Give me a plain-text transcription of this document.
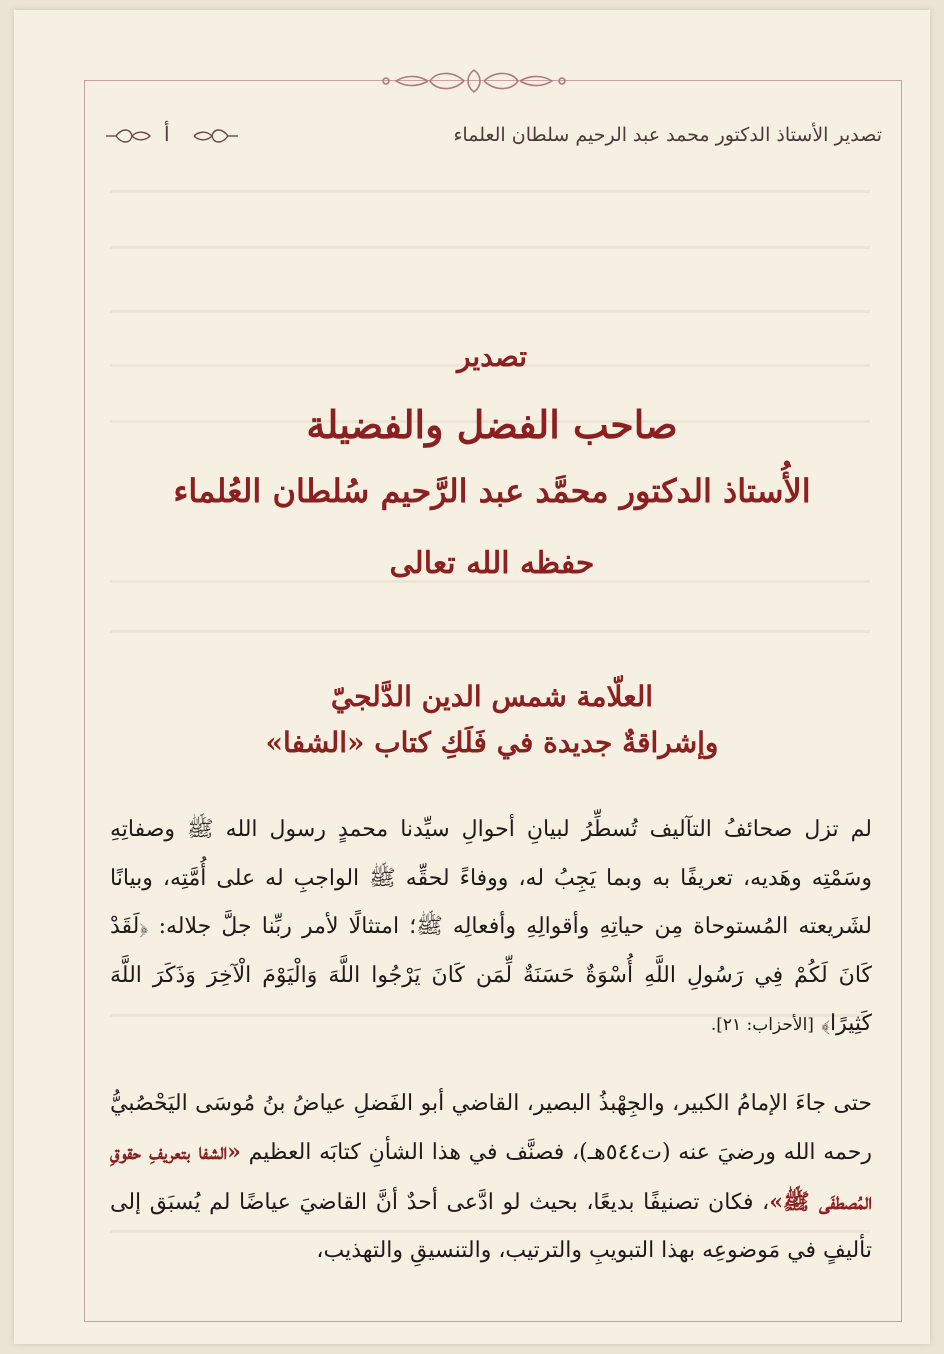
تصدير الأستاذ الدكتور محمد عبد الرحيم سلطان العلماء
أ
تصدير
صاحب الفضل والفضيلة
الأُستاذ الدكتور محمَّد عبد الرَّحيم سُلطان العُلماء
حفظه الله تعالى
العلّامة شمس الدين الدَّلجيّ
وإشراقةٌ جديدة في فَلَكِ كتاب «الشفا»

لم تزل صحائفُ التآليف تُسطِّرُ لبيانِ أحوالِ سيِّدنا محمدٍ رسول الله ﷺ وصفاتِهِ وسَمْتِه وهَديه، تعريفًا به وبما يَجِبُ له، ووفاءً لحقِّه ﷺ الواجبِ له على أُمَّتِه، وبيانًا لشَريعته المُستوحاة مِن حياتِهِ وأقوالِهِ وأفعالِه ﷺ؛ امتثالًا لأمر ربِّنا جلَّ جلاله: ﴿لَقَدْ كَانَ لَكُمْ فِي رَسُولِ اللَّهِ أُسْوَةٌ حَسَنَةٌ لِّمَن كَانَ يَرْجُوا اللَّهَ وَالْيَوْمَ الْآخِرَ وَذَكَرَ اللَّهَ كَثِيرًا﴾ [الأحزاب: ٢١].

حتى جاءَ الإمامُ الكبير، والجِهْبذُ البصير، القاضي أبو الفَضلِ عياضُ بنُ مُوسَى اليَحْصُبيُّ رحمه الله ورضيَ عنه (ت٥٤٤هـ)، فصنَّف في هذا الشأنِ كتابَه العظيم «الشفا بتعريفِ حقوقِ المُصطفَى ﷺ»، فكان تصنيفًا بديعًا، بحيث لو ادَّعى أحدٌ أنَّ القاضيَ عياضًا لم يُسبَق إلى تأليفٍ في مَوضوعِه بهذا التبويبِ والترتيب، والتنسيقِ والتهذيب،
